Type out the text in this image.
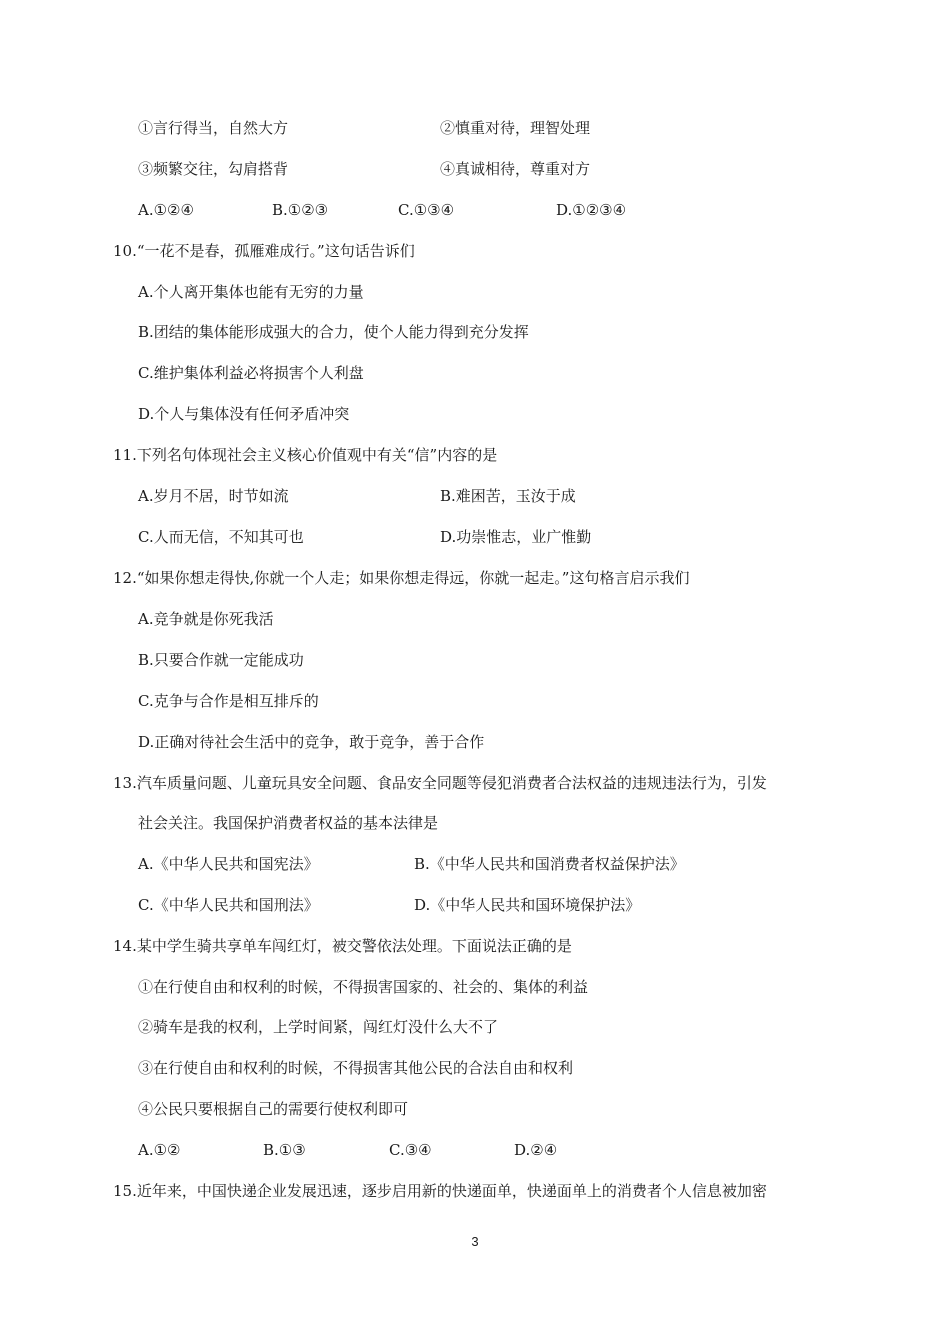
①言行得当，自然大方	②慎重对待，理智处理
③频繁交往，勾肩搭背	④真诚相待，尊重对方
A.①②④	B.①②③	C.①③④	D.①②③④
10.“一花不是春，孤雁难成行。”这句话告诉们
A.个人离开集体也能有无穷的力量
B.团结的集体能形成强大的合力，使个人能力得到充分发挥
C.维护集体利益必将损害个人利盘
D.个人与集体没有任何矛盾冲突
11.下列名句体现社会主义核心价值观中有关“信”内容的是
A.岁月不居，时节如流	B.难困苦，玉汝于成
C.人而无信，不知其可也	D.功崇惟志，业广惟勤
12.“如果你想走得快,你就一个人走；如果你想走得远，你就一起走。”这句格言启示我们
A.竞争就是你死我活
B.只要合作就一定能成功
C.克争与合作是相互排斥的
D.正确对待社会生活中的竞争，敢于竞争，善于合作
13.汽车质量问题、儿童玩具安全问题、食品安全同题等侵犯消费者合法权益的违规违法行为，引发
社会关注。我国保护消费者权益的基本法律是
A.《中华人民共和国宪法》	B.《中华人民共和国消费者权益保护法》
C.《中华人民共和国刑法》	D.《中华人民共和国环境保护法》
14.某中学生骑共享单车闯红灯，被交警依法处理。下面说法正确的是
①在行使自由和权利的时候，不得损害国家的、社会的、集体的利益
②骑车是我的权利，上学时间紧，闯红灯没什么大不了
③在行使自由和权利的时候，不得损害其他公民的合法自由和权利
④公民只要根据自己的需要行使权利即可
A.①②	B.①③	C.③④	D.②④
15.近年来，中国快递企业发展迅速，逐步启用新的快递面单，快递面单上的消费者个人信息被加密
3
